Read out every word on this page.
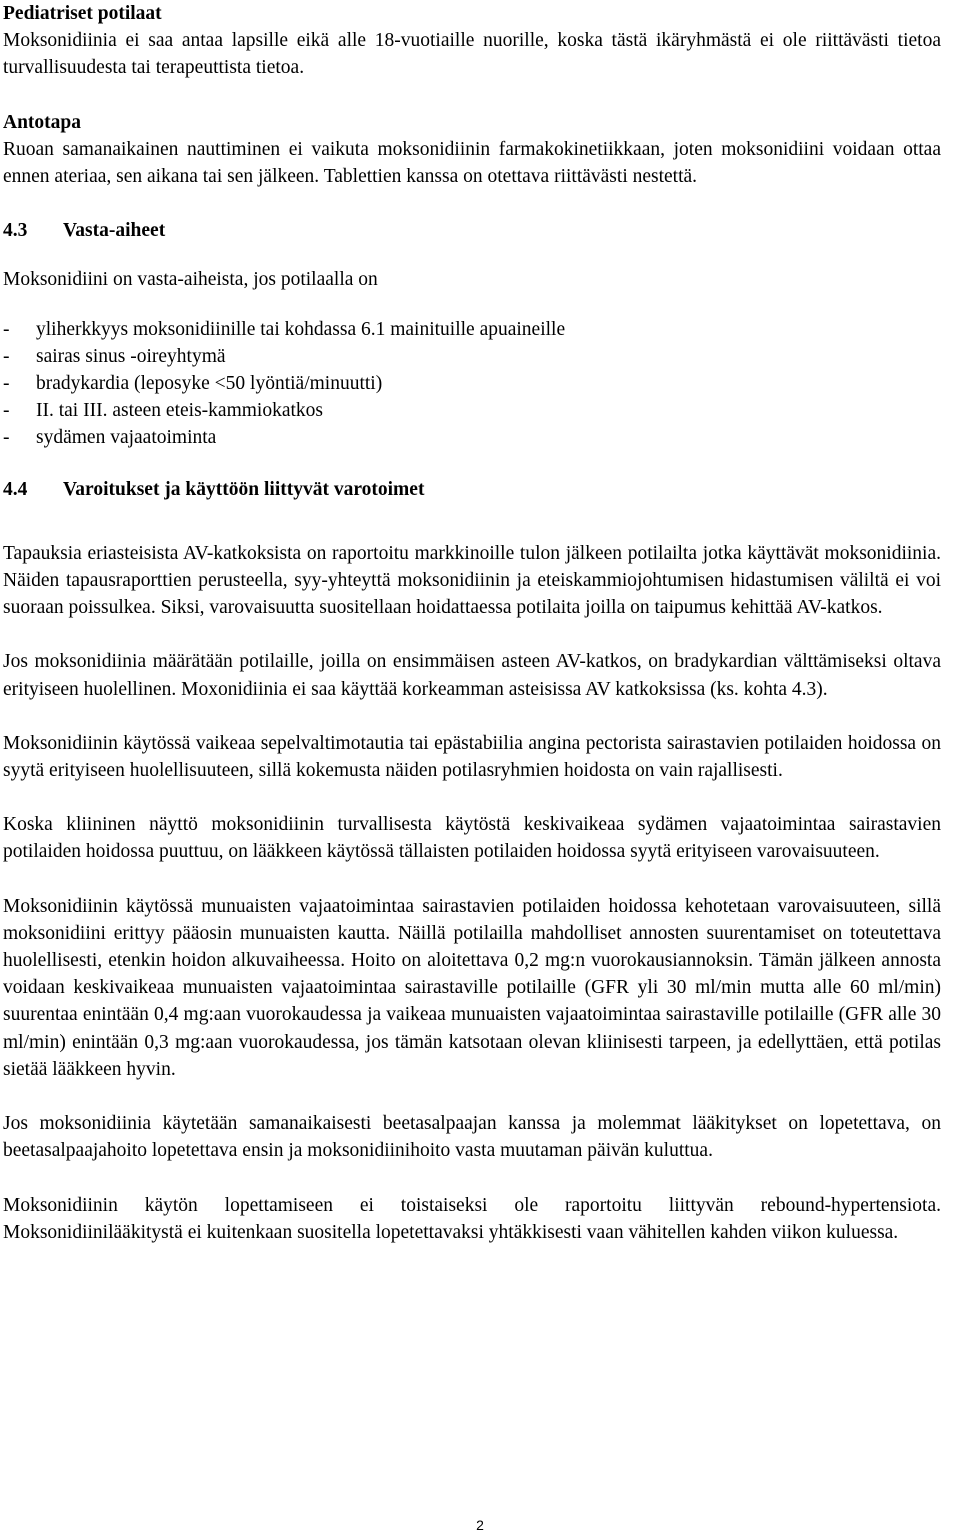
Pediatriset potilaat

Moksonidiinia ei saa antaa lapsille eikä alle 18-vuotiaille nuorille, koska tästä ikäryhmästä ei ole riittävästi tietoa turvallisuudesta tai terapeuttista tietoa.

Antotapa

Ruoan samanaikainen nauttiminen ei vaikuta moksonidiinin farmakokinetiikkaan, joten moksonidiini voidaan ottaa ennen ateriaa, sen aikana tai sen jälkeen. Tablettien kanssa on otettava riittävästi nestettä.

4.3	Vasta-aiheet

Moksonidiini on vasta-aiheista, jos potilaalla on

-	yliherkkyys moksonidiinille tai kohdassa 6.1 mainituille apuaineille
-	sairas sinus -oireyhtymä
-	bradykardia (leposyke <50 lyöntiä/minuutti)
-	II. tai III. asteen eteis-kammiokatkos
-	sydämen vajaatoiminta
4.4	Varoitukset ja käyttöön liittyvät varotoimet

Tapauksia eriasteisista AV-katkoksista on raportoitu markkinoille tulon jälkeen potilailta jotka käyttävät moksonidiinia. Näiden tapausraporttien perusteella, syy-yhteyttä moksonidiinin ja eteiskammiojohtumisen hidastumisen väliltä ei voi suoraan poissulkea. Siksi, varovaisuutta suositellaan hoidattaessa potilaita joilla on taipumus kehittää AV-katkos.

Jos moksonidiinia määrätään potilaille, joilla on ensimmäisen asteen AV-katkos, on bradykardian välttämiseksi oltava erityiseen huolellinen. Moxonidiinia ei saa käyttää korkeamman asteisissa AV katkoksissa (ks. kohta 4.3).

Moksonidiinin käytössä vaikeaa sepelvaltimotautia tai epästabiilia angina pectorista sairastavien potilaiden hoidossa on syytä erityiseen huolellisuuteen, sillä kokemusta näiden potilasryhmien hoidosta on vain rajallisesti.

Koska kliininen näyttö moksonidiinin turvallisesta käytöstä keskivaikeaa sydämen vajaatoimintaa sairastavien potilaiden hoidossa puuttuu, on lääkkeen käytössä tällaisten potilaiden hoidossa syytä erityiseen varovaisuuteen.

Moksonidiinin käytössä munuaisten vajaatoimintaa sairastavien potilaiden hoidossa kehotetaan varovaisuuteen, sillä moksonidiini erittyy pääosin munuaisten kautta. Näillä potilailla mahdolliset annosten suurentamiset on toteutettava huolellisesti, etenkin hoidon alkuvaiheessa. Hoito on aloitettava 0,2 mg:n vuorokausiannoksin. Tämän jälkeen annosta voidaan keskivaikeaa munuaisten vajaatoimintaa sairastaville potilaille (GFR yli 30 ml/min mutta alle 60 ml/min) suurentaa enintään 0,4 mg:aan vuorokaudessa ja vaikeaa munuaisten vajaatoimintaa sairastaville potilaille (GFR alle 30 ml/min) enintään 0,3 mg:aan vuorokaudessa, jos tämän katsotaan olevan kliinisesti tarpeen, ja edellyttäen, että potilas sietää lääkkeen hyvin.

Jos moksonidiinia käytetään samanaikaisesti beetasalpaajan kanssa ja molemmat lääkitykset on lopetettava, on beetasalpaajahoito lopetettava ensin ja moksonidiinihoito vasta muutaman päivän kuluttua.

Moksonidiinin käytön lopettamiseen ei toistaiseksi ole raportoitu liittyvän rebound-hypertensiota. Moksonidiinilääkitystä ei kuitenkaan suositella lopetettavaksi yhtäkkisesti vaan vähitellen kahden viikon kuluessa.

2
